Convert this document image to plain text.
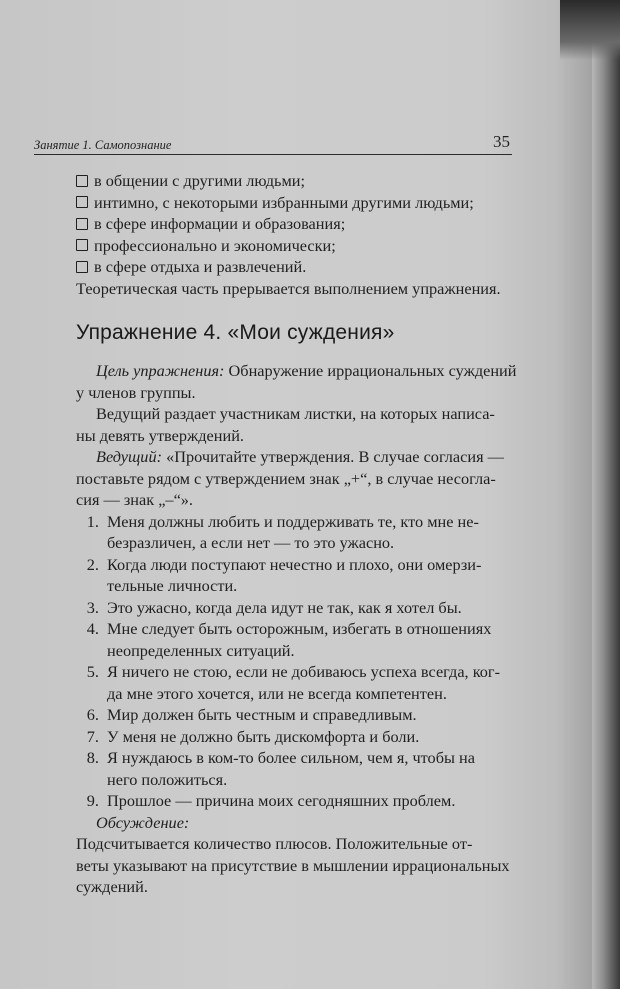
Занятие 1. Самопознание	35
в общении с другими людьми;
интимно, с некоторыми избранными другими людьми;
в сфере информации и образования;
профессионально и экономически;
в сфере отдыха и развлечений.
Теоретическая часть прерывается выполнением упражнения.
Упражнение 4. «Мои суждения»
Цель упражнения: Обнаружение иррациональных суждений
у членов группы.
Ведущий раздает участникам листки, на которых написа-
ны девять утверждений.
Ведущий: «Прочитайте утверждения. В случае согласия —
поставьте рядом с утверждением знак „+“, в случае несогла-
сия — знак „–“».
1. Меня должны любить и поддерживать те, кто мне не-
безразличен, а если нет — то это ужасно.
2. Когда люди поступают нечестно и плохо, они омерзи-
тельные личности.
3. Это ужасно, когда дела идут не так, как я хотел бы.
4. Мне следует быть осторожным, избегать в отношениях
неопределенных ситуаций.
5. Я ничего не стою, если не добиваюсь успеха всегда, ког-
да мне этого хочется, или не всегда компетентен.
6. Мир должен быть честным и справедливым.
7. У меня не должно быть дискомфорта и боли.
8. Я нуждаюсь в ком-то более сильном, чем я, чтобы на
него положиться.
9. Прошлое — причина моих сегодняшних проблем.
Обсуждение:
Подсчитывается количество плюсов. Положительные от-
веты указывают на присутствие в мышлении иррациональных
суждений.
